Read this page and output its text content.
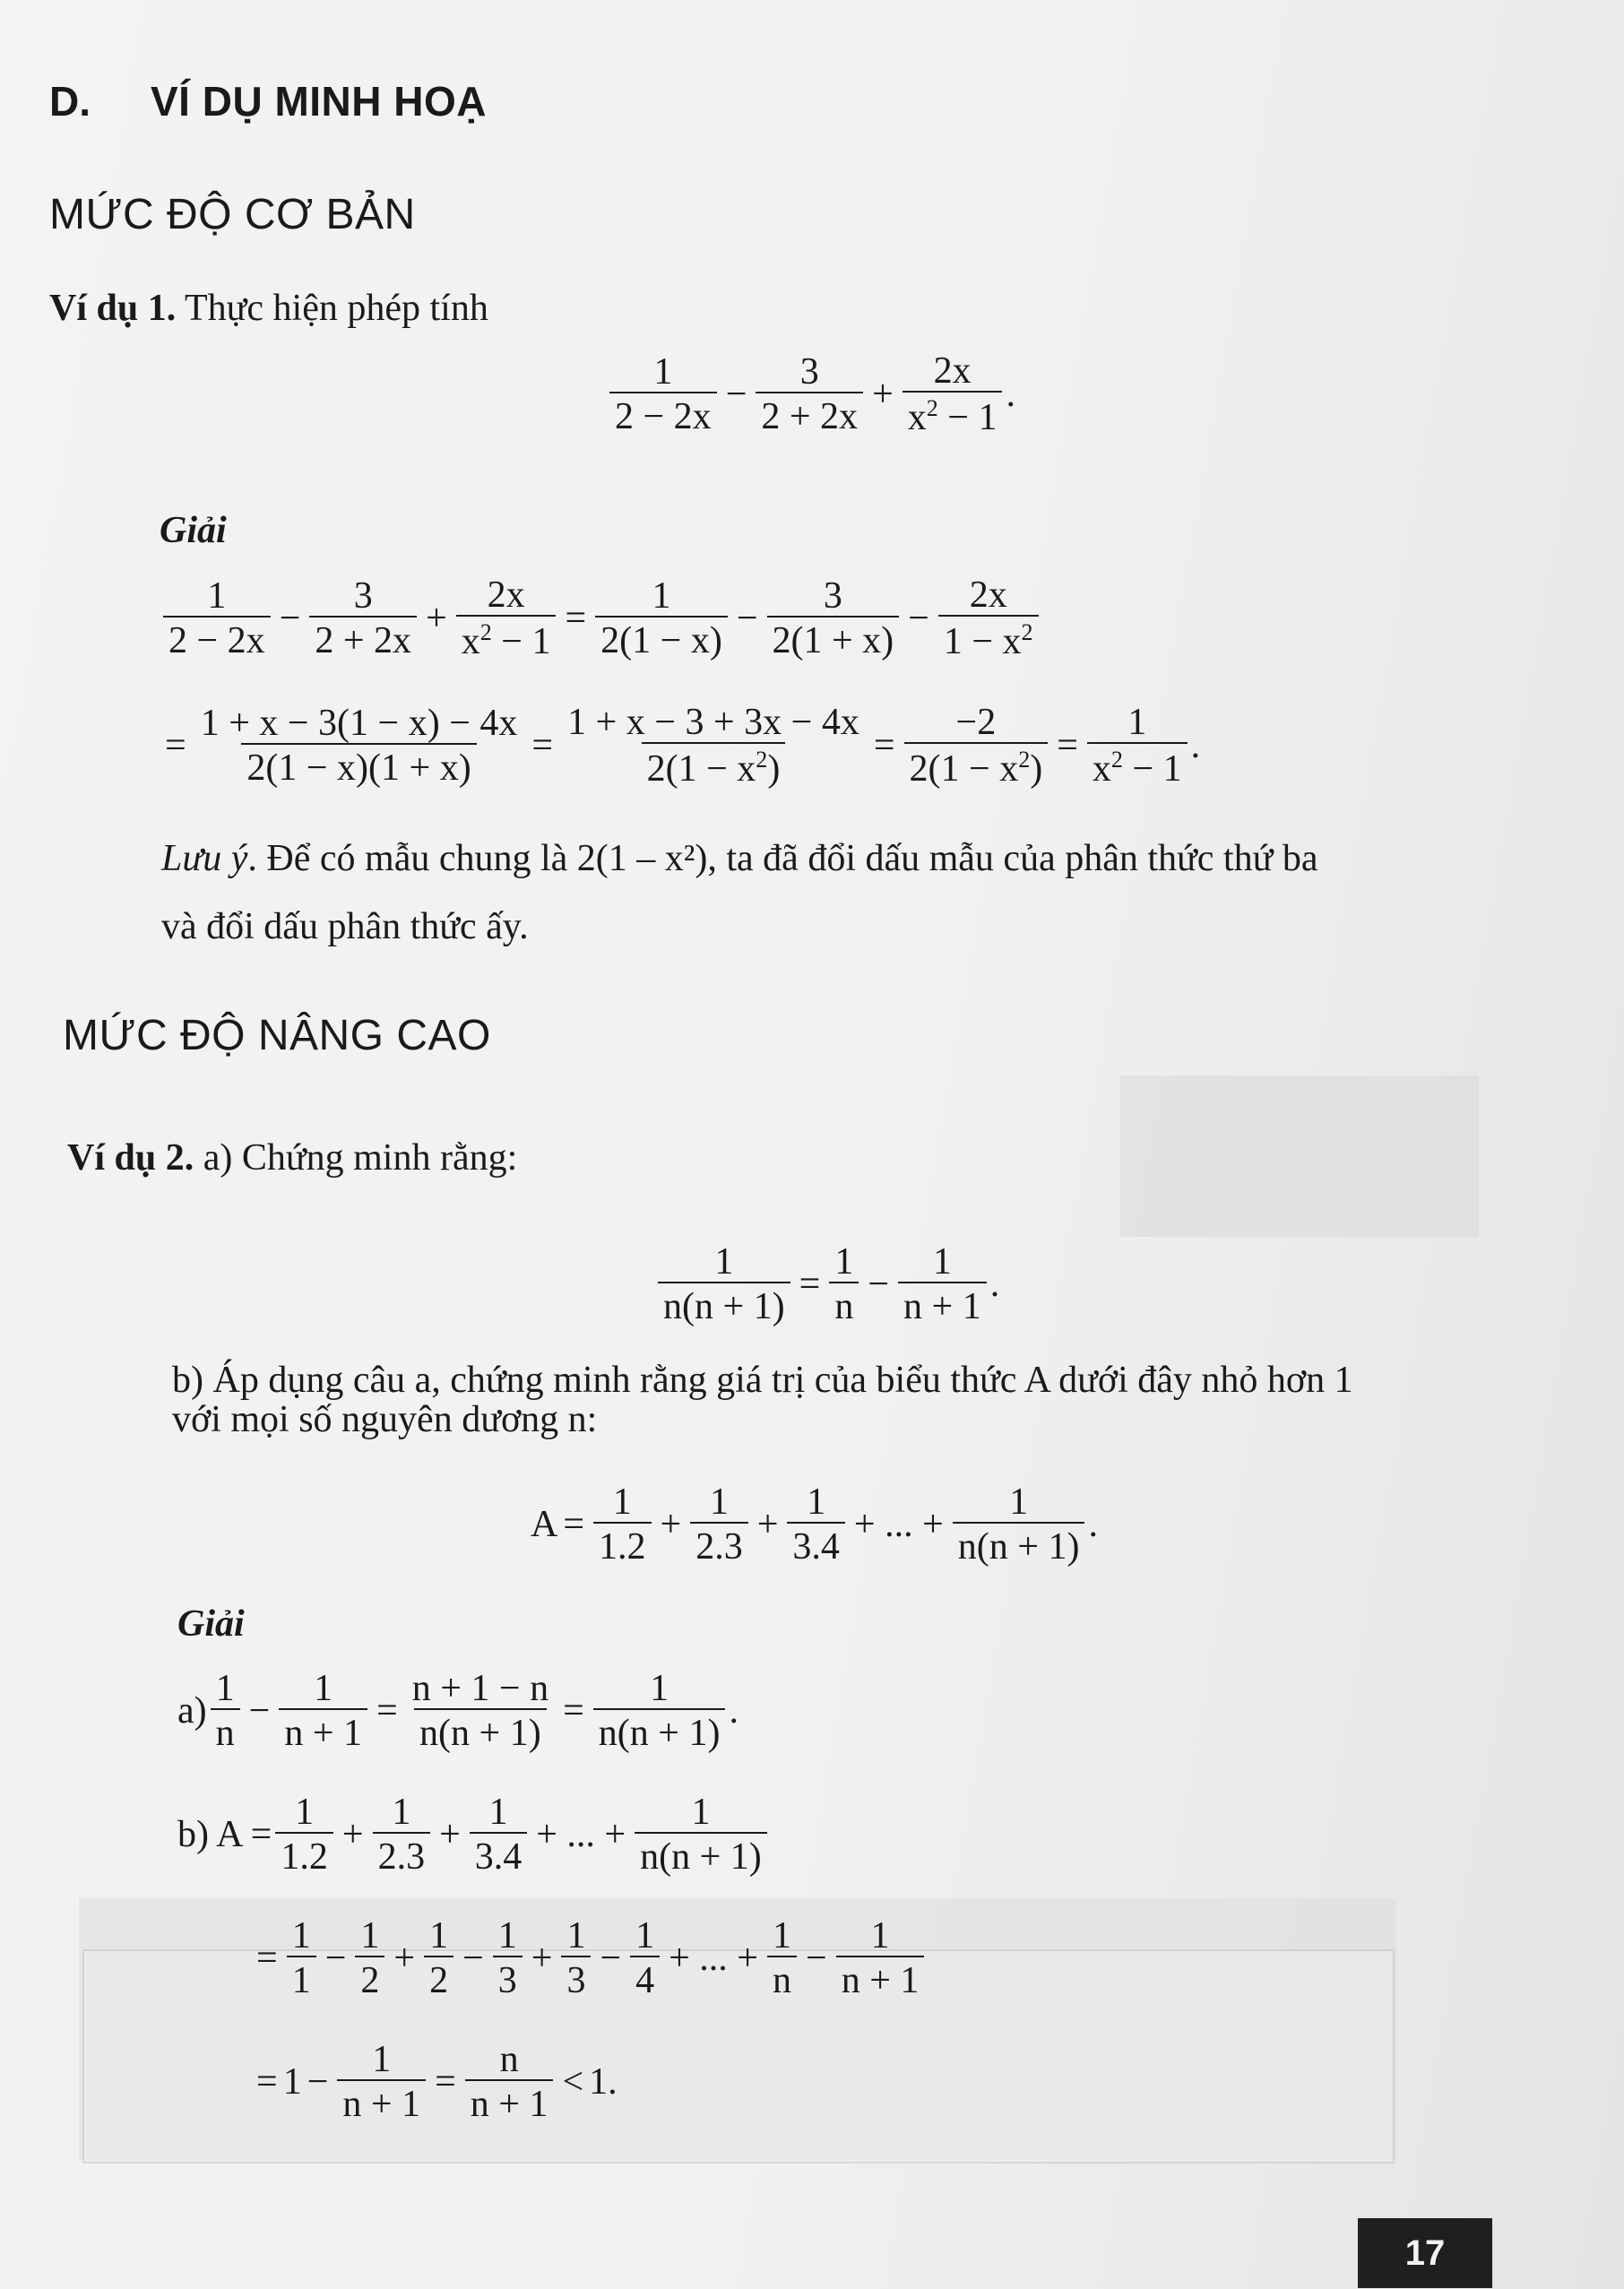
D. VÍ DỤ MINH HOẠ
MỨC ĐỘ CƠ BẢN
Ví dụ 1. Thực hiện phép tính
$\frac{1}{2 - 2x} - \frac{3}{2 + 2x} + \frac{2x}{x^2 - 1}$ .
Giải
$\frac{1}{2 - 2x} - \frac{3}{2 + 2x} + \frac{2x}{x^2 - 1} = \frac{1}{2(1 - x)} - \frac{3}{2(1 + x)} - \frac{2x}{1 - x^2}$
= $\frac{1 + x - 3(1 - x) - 4x}{2(1 - x)(1 + x)} = \frac{1 + x - 3 + 3x - 4x}{2(1 - x^2)} = \frac{-2}{2(1 - x^2)} = \frac{1}{x^2 - 1}$ .
Lưu ý. Để có mẫu chung là 2(1 – x²), ta đã đổi dấu mẫu của phân thức thứ ba
và đổi dấu phân thức ấy.
MỨC ĐỘ NÂNG CAO
Ví dụ 2. a) Chứng minh rằng:
$\frac{1}{n(n + 1)} = \frac{1}{n} - \frac{1}{n + 1}$ .
b) Áp dụng câu a, chứng minh rằng giá trị của biểu thức A dưới đây nhỏ hơn 1
với mọi số nguyên dương n:
$A = \frac{1}{1.2} + \frac{1}{2.3} + \frac{1}{3.4}$ + ... + $\frac{1}{n(n + 1)}$ .
Giải
$a) \frac{1}{n} - \frac{1}{n + 1} = \frac{n + 1 - n}{n(n + 1)} = \frac{1}{n(n + 1)}$ .
b) $A = \frac{1}{1.2} + \frac{1}{2.3} + \frac{1}{3.4}$ + ... + $\frac{1}{n(n + 1)}$
= $\frac{1}{1} - \frac{1}{2} + \frac{1}{2} - \frac{1}{3} + \frac{1}{3} - \frac{1}{4}$ + ... + $\frac{1}{n} - \frac{1}{n + 1}$
= $1 - \frac{1}{n + 1} = \frac{n}{n + 1} < 1$.
17
